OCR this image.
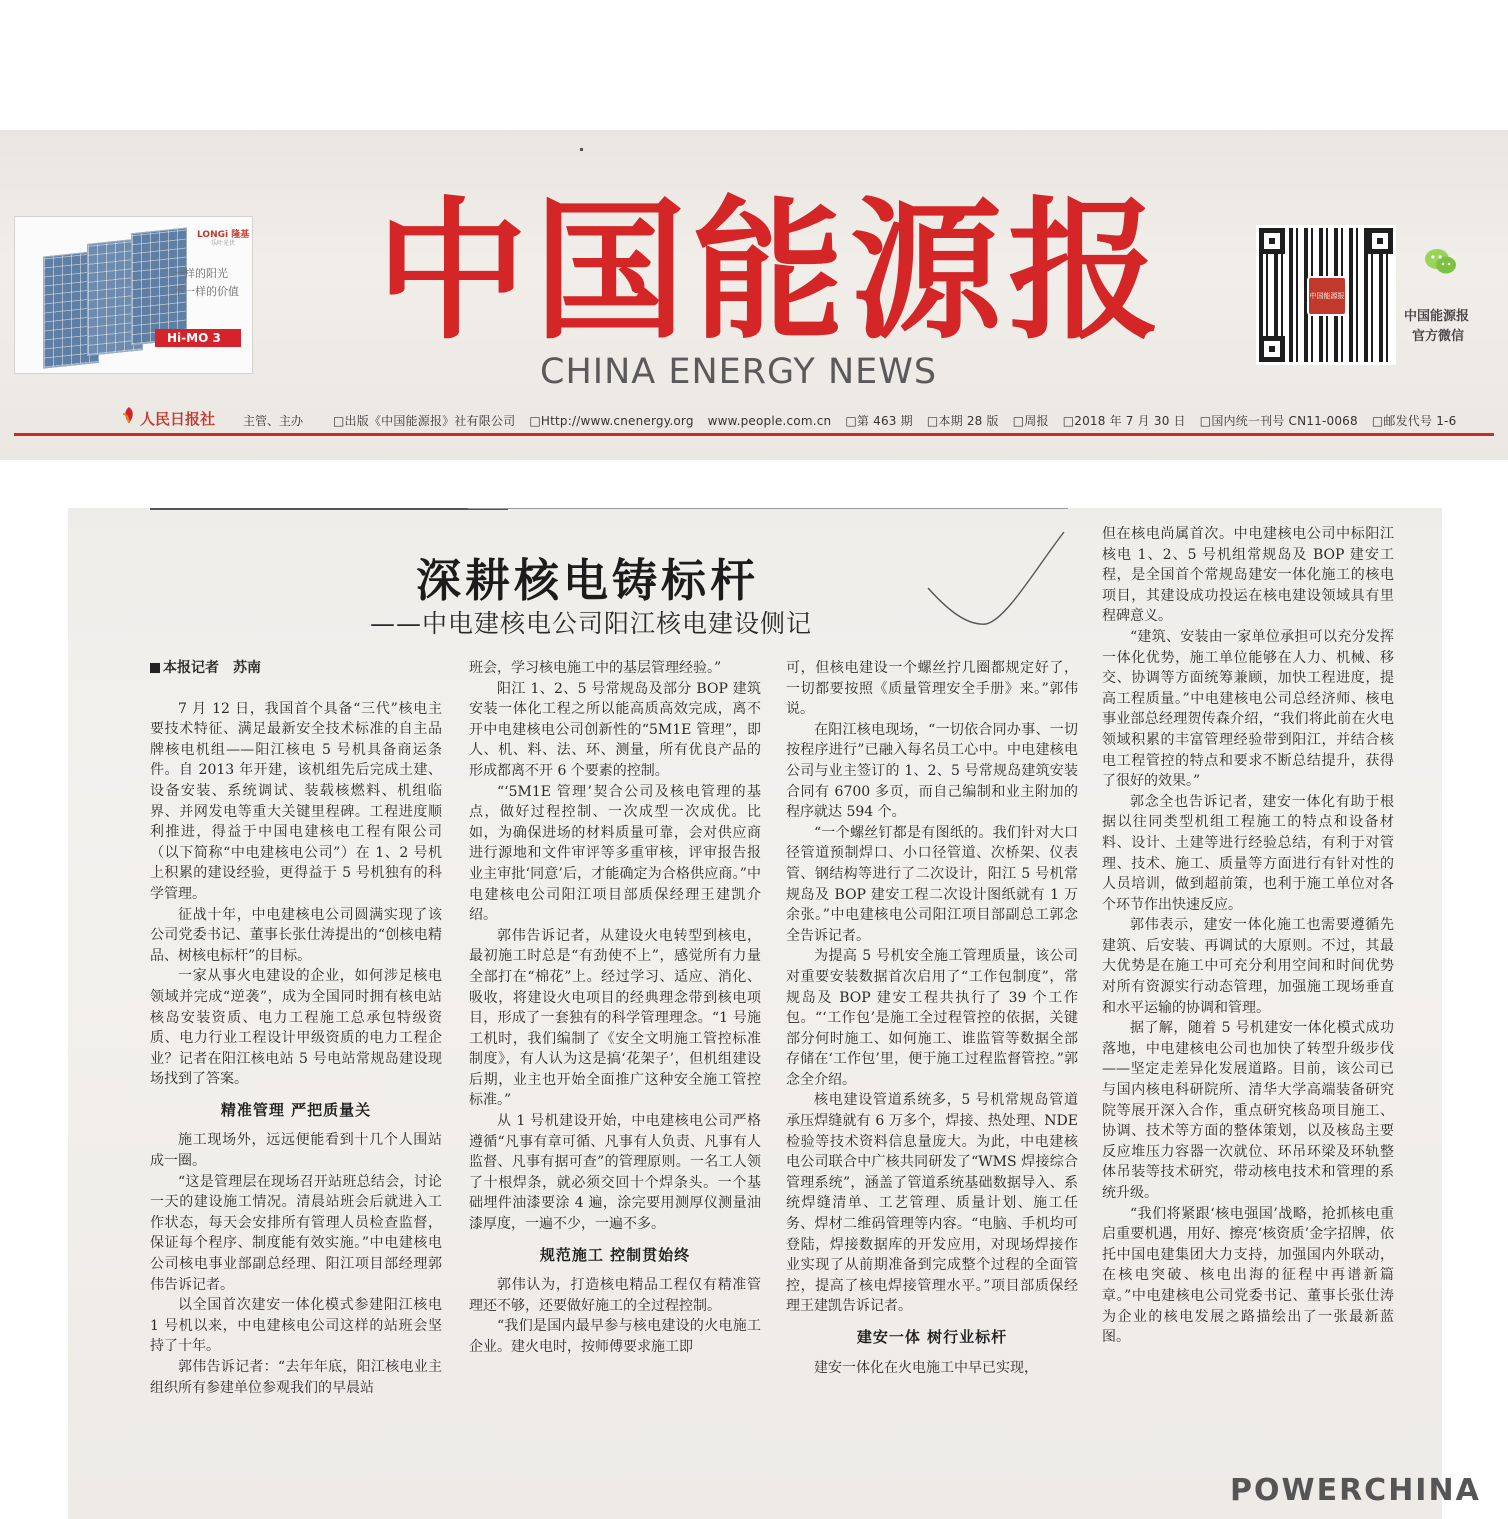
LONGi 隆基
乐叶光伏
一样的阳光
不一样的价值
Hi-MO 3 中国能源报
CHINA ENERGY NEWS
中国能源报
中国能源报
官方微信
人民日报社 主管、主办 □出版《中国能源报》社有限公司 □Http://www.cnenergy.org www.people.com.cn □第 463 期 □本期 28 版 □周报 □2018 年 7 月 30 日 □国内统一刊号 CN11-0068 □邮发代号 1-6
深耕核电铸标杆
——中电建核电公司阳江核电建设侧记
本报记者　苏南

7 月 12 日，我国首个具备“三代”核电主要技术特征、满足最新安全技术标准的自主品牌核电机组——阳江核电 5 号机具备商运条件。自 2013 年开建，该机组先后完成土建、设备安装、系统调试、装载核燃料、机组临界、并网发电等重大关键里程碑。工程进度顺利推进，得益于中国电建核电工程有限公司（以下简称“中电建核电公司”）在 1、2 号机上积累的建设经验，更得益于 5 号机独有的科学管理。

征战十年，中电建核电公司圆满实现了该公司党委书记、董事长张仕涛提出的“创核电精品、树核电标杆”的目标。

一家从事火电建设的企业，如何涉足核电领域并完成“逆袭”，成为全国同时拥有核电站核岛安装资质、电力工程施工总承包特级资质、电力行业工程设计甲级资质的电力工程企业？记者在阳江核电站 5 号电站常规岛建设现场找到了答案。

精准管理 严把质量关

施工现场外，远远便能看到十几个人围站成一圈。

“这是管理层在现场召开站班总结会，讨论一天的建设施工情况。清晨站班会后就进入工作状态，每天会安排所有管理人员检查监督，保证每个程序、制度能有效实施。”中电建核电公司核电事业部副总经理、阳江项目部经理郭伟告诉记者。

以全国首次建安一体化模式参建阳江核电 1 号机以来，中电建核电公司这样的站班会坚持了十年。

郭伟告诉记者：“去年年底，阳江核电业主组织所有参建单位参观我们的早晨站

班会，学习核电施工中的基层管理经验。”

阳江 1、2、5 号常规岛及部分 BOP 建筑安装一体化工程之所以能高质高效完成，离不开中电建核电公司创新性的“5M1E 管理”，即人、机、料、法、环、测量，所有优良产品的形成都离不开 6 个要素的控制。

“‘5M1E 管理’契合公司及核电管理的基点，做好过程控制、一次成型一次成优。比如，为确保进场的材料质量可靠，会对供应商进行源地和文件审评等多重审核，评审报告报业主审批‘同意’后，才能确定为合格供应商。”中电建核电公司阳江项目部质保经理王建凯介绍。

郭伟告诉记者，从建设火电转型到核电，最初施工时总是“有劲使不上”，感觉所有力量全部打在“棉花”上。经过学习、适应、消化、吸收，将建设火电项目的经典理念带到核电项目，形成了一套独有的科学管理理念。“1 号施工机时，我们编制了《安全文明施工管控标准制度》，有人认为这是搞‘花架子’，但机组建设后期，业主也开始全面推广这种安全施工管控标准。”

从 1 号机建设开始，中电建核电公司严格遵循“凡事有章可循、凡事有人负责、凡事有人监督、凡事有据可查”的管理原则。一名工人领了十根焊条，就必须交回十个焊条头。一个基础埋件油漆要涂 4 遍，涂完要用测厚仪测量油漆厚度，一遍不少，一遍不多。

规范施工 控制贯始终

郭伟认为，打造核电精品工程仅有精准管理还不够，还要做好施工的全过程控制。

“我们是国内最早参与核电建设的火电施工企业。建火电时，按师傅要求施工即

可，但核电建设一个螺丝拧几圈都规定好了，一切都要按照《质量管理安全手册》来。”郭伟说。

在阳江核电现场，“一切依合同办事、一切按程序进行”已融入每名员工心中。中电建核电公司与业主签订的 1、2、5 号常规岛建筑安装合同有 6700 多页，而自己编制和业主附加的程序就达 594 个。

“一个螺丝钉都是有图纸的。我们针对大口径管道预制焊口、小口径管道、次桥架、仪表管、钢结构等进行了二次设计，阳江 5 号机常规岛及 BOP 建安工程二次设计图纸就有 1 万余张。”中电建核电公司阳江项目部副总工郭念全告诉记者。

为提高 5 号机安全施工管理质量，该公司对重要安装数据首次启用了“工作包制度”，常规岛及 BOP 建安工程共执行了 39 个工作包。“‘工作包’是施工全过程管控的依据，关键部分何时施工、如何施工、谁监管等数据全部存储在‘工作包’里，便于施工过程监督管控。”郭念全介绍。

核电建设管道系统多，5 号机常规岛管道承压焊缝就有 6 万多个，焊接、热处理、NDE 检验等技术资料信息量庞大。为此，中电建核电公司联合中广核共同研发了“WMS 焊接综合管理系统”，涵盖了管道系统基础数据导入、系统焊缝清单、工艺管理、质量计划、施工任务、焊材二维码管理等内容。“电脑、手机均可登陆，焊接数据库的开发应用，对现场焊接作业实现了从前期准备到完成整个过程的全面管控，提高了核电焊接管理水平。”项目部质保经理王建凯告诉记者。

建安一体 树行业标杆

建安一体化在火电施工中早已实现，

但在核电尚属首次。中电建核电公司中标阳江核电 1、2、5 号机组常规岛及 BOP 建安工程，是全国首个常规岛建安一体化施工的核电项目，其建设成功投运在核电建设领域具有里程碑意义。

“建筑、安装由一家单位承担可以充分发挥一体化优势，施工单位能够在人力、机械、移交、协调等方面统筹兼顾，加快工程进度，提高工程质量。”中电建核电公司总经济师、核电事业部总经理贺传森介绍，“我们将此前在火电领域积累的丰富管理经验带到阳江，并结合核电工程管控的特点和要求不断总结提升，获得了很好的效果。”

郭念全也告诉记者，建安一体化有助于根据以往同类型机组工程施工的特点和设备材料、设计、土建等进行经验总结，有利于对管理、技术、施工、质量等方面进行有针对性的人员培训，做到超前策，也利于施工单位对各个环节作出快速反应。

郭伟表示，建安一体化施工也需要遵循先建筑、后安装、再调试的大原则。不过，其最大优势是在施工中可充分利用空间和时间优势对所有资源实行动态管理，加强施工现场垂直和水平运输的协调和管理。

据了解，随着 5 号机建安一体化模式成功落地，中电建核电公司也加快了转型升级步伐——坚定走差异化发展道路。目前，该公司已与国内核电科研院所、清华大学高端装备研究院等展开深入合作，重点研究核岛项目施工、协调、技术等方面的整体策划，以及核岛主要反应堆压力容器一次就位、环吊环梁及环轨整体吊装等技术研究，带动核电技术和管理的系统升级。

“我们将紧跟‘核电强国’战略，抢抓核电重启重要机遇，用好、擦亮‘核资质’金字招牌，依托中国电建集团大力支持，加强国内外联动，在核电突破、核电出海的征程中再谱新篇章。”中电建核电公司党委书记、董事长张仕涛为企业的核电发展之路描绘出了一张最新蓝图。

POWERCHINA
